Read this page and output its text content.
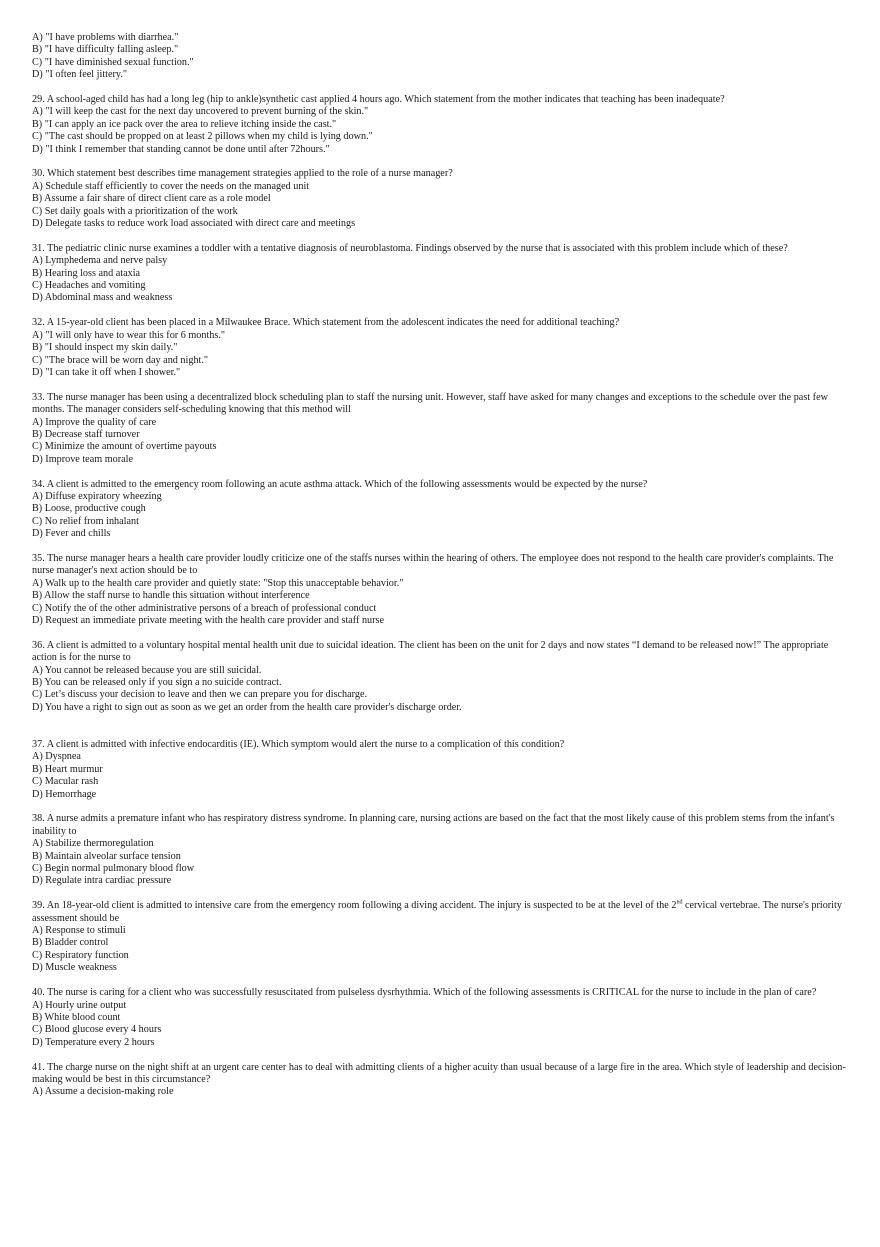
A) "I have problems with diarrhea."
B) "I have difficulty falling asleep."
C) "I have diminished sexual function."
D) "I often feel jittery."
29. A school-aged child has had a long leg (hip to ankle)synthetic cast applied 4 hours ago. Which statement from the mother indicates that teaching has been inadequate?
A) "I will keep the cast for the next day uncovered to prevent burning of the skin."
B) "I can apply an ice pack over the area to relieve itching inside the cast."
C) "The cast should be propped on at least 2 pillows when my child is lying down."
D) "I think I remember that standing cannot be done until after 72hours."
30. Which statement best describes time management strategies applied to the role of a nurse manager?
A) Schedule staff efficiently to cover the needs on the managed unit
B) Assume a fair share of direct client care as a role model
C) Set daily goals with a prioritization of the work
D) Delegate tasks to reduce work load associated with direct care and meetings
31. The pediatric clinic nurse examines a toddler with a tentative diagnosis of neuroblastoma. Findings observed by the nurse that is associated with this problem include which of these?
A) Lymphedema and nerve palsy
B) Hearing loss and ataxia
C) Headaches and vomiting
D) Abdominal mass and weakness
32. A 15-year-old client has been placed in a Milwaukee Brace. Which statement from the adolescent indicates the need for additional teaching?
A) "I will only have to wear this for 6 months."
B) "I should inspect my skin daily."
C) "The brace will be worn day and night."
D) "I can take it off when I shower."
33. The nurse manager has been using a decentralized block scheduling plan to staff the nursing unit. However, staff have asked for many changes and exceptions to the schedule over the past few months. The manager considers self-scheduling knowing that this method will
A) Improve the quality of care
B) Decrease staff turnover
C) Minimize the amount of overtime payouts
D) Improve team morale
34. A client is admitted to the emergency room following an acute asthma attack. Which of the following assessments would be expected by the nurse?
A) Diffuse expiratory wheezing
B) Loose, productive cough
C) No relief from inhalant
D) Fever and chills
35. The nurse manager hears a health care provider loudly criticize one of the staffs nurses within the hearing of others. The employee does not respond to the health care provider's complaints. The nurse manager's next action should be to
A) Walk up to the health care provider and quietly state: "Stop this unacceptable behavior."
B) Allow the staff nurse to handle this situation without interference
C) Notify the of the other administrative persons of a breach of professional conduct
D) Request an immediate private meeting with the health care provider and staff nurse
36. A client is admitted to a voluntary hospital mental health unit due to suicidal ideation. The client has been on the unit for 2 days and now states “I demand to be released now!” The appropriate action is for the nurse to
A) You cannot be released because you are still suicidal.
B) You can be released only if you sign a no suicide contract.
C) Let’s discuss your decision to leave and then we can prepare you for discharge.
D) You have a right to sign out as soon as we get an order from the health care provider's discharge order.
37. A client is admitted with infective endocarditis (IE). Which symptom would alert the nurse to a complication of this condition?
A) Dyspnea
B) Heart murmur
C) Macular rash
D) Hemorrhage
38. A nurse admits a premature infant who has respiratory distress syndrome. In planning care, nursing actions are based on the fact that the most likely cause of this problem stems from the infant's inability to
A) Stabilize thermoregulation
B) Maintain alveolar surface tension
C) Begin normal pulmonary blood flow
D) Regulate intra cardiac pressure
39. An 18-year-old client is admitted to intensive care from the emergency room following a diving accident. The injury is suspected to be at the level of the 2nd cervical vertebrae. The nurse's priority assessment should be
A) Response to stimuli
B) Bladder control
C) Respiratory function
D) Muscle weakness
40. The nurse is caring for a client who was successfully resuscitated from pulseless dysrhythmia. Which of the following assessments is CRITICAL for the nurse to include in the plan of care?
A) Hourly urine output
B) White blood count
C) Blood glucose every 4 hours
D) Temperature every 2 hours
41. The charge nurse on the night shift at an urgent care center has to deal with admitting clients of a higher acuity than usual because of a large fire in the area. Which style of leadership and decision-making would be best in this circumstance?
A) Assume a decision-making role
